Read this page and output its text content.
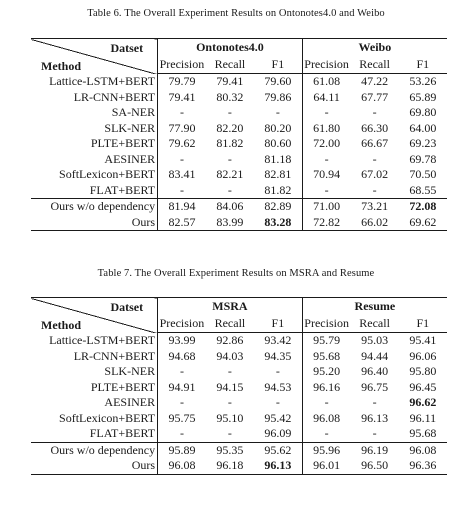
Table 6. The Overall Experiment Results on Ontonotes4.0 and Weibo
Datset
Method	Ontonotes4.0			Weibo		
	Precision	Recall	F1	Precision	Recall	F1
Lattice-LSTM+BERT	79.79	79.41	79.60	61.08	47.22	53.26
LR-CNN+BERT	79.41	80.32	79.86	64.11	67.77	65.89
SA-NER	-	-	-	-	-	69.80
SLK-NER	77.90	82.20	80.20	61.80	66.30	64.00
PLTE+BERT	79.62	81.82	80.60	72.00	66.67	69.23
AESINER	-	-	81.18	-	-	69.78
SoftLexicon+BERT	83.41	82.21	82.81	70.94	67.02	70.50
FLAT+BERT	-	-	81.82	-	-	68.55
Ours w/o dependency	81.94	84.06	82.89	71.00	73.21	72.08
Ours	82.57	83.99	83.28	72.82	66.02	69.62
Table 7. The Overall Experiment Results on MSRA and Resume
Datset
Method	MSRA			Resume		
	Precision	Recall	F1	Precision	Recall	F1
Lattice-LSTM+BERT	93.99	92.86	93.42	95.79	95.03	95.41
LR-CNN+BERT	94.68	94.03	94.35	95.68	94.44	96.06
SLK-NER	-	-	-	95.20	96.40	95.80
PLTE+BERT	94.91	94.15	94.53	96.16	96.75	96.45
AESINER	-	-	-	-	-	96.62
SoftLexicon+BERT	95.75	95.10	95.42	96.08	96.13	96.11
FLAT+BERT	-	-	96.09	-	-	95.68
Ours w/o dependency	95.89	95.35	95.62	95.96	96.19	96.08
Ours	96.08	96.18	96.13	96.01	96.50	96.36
